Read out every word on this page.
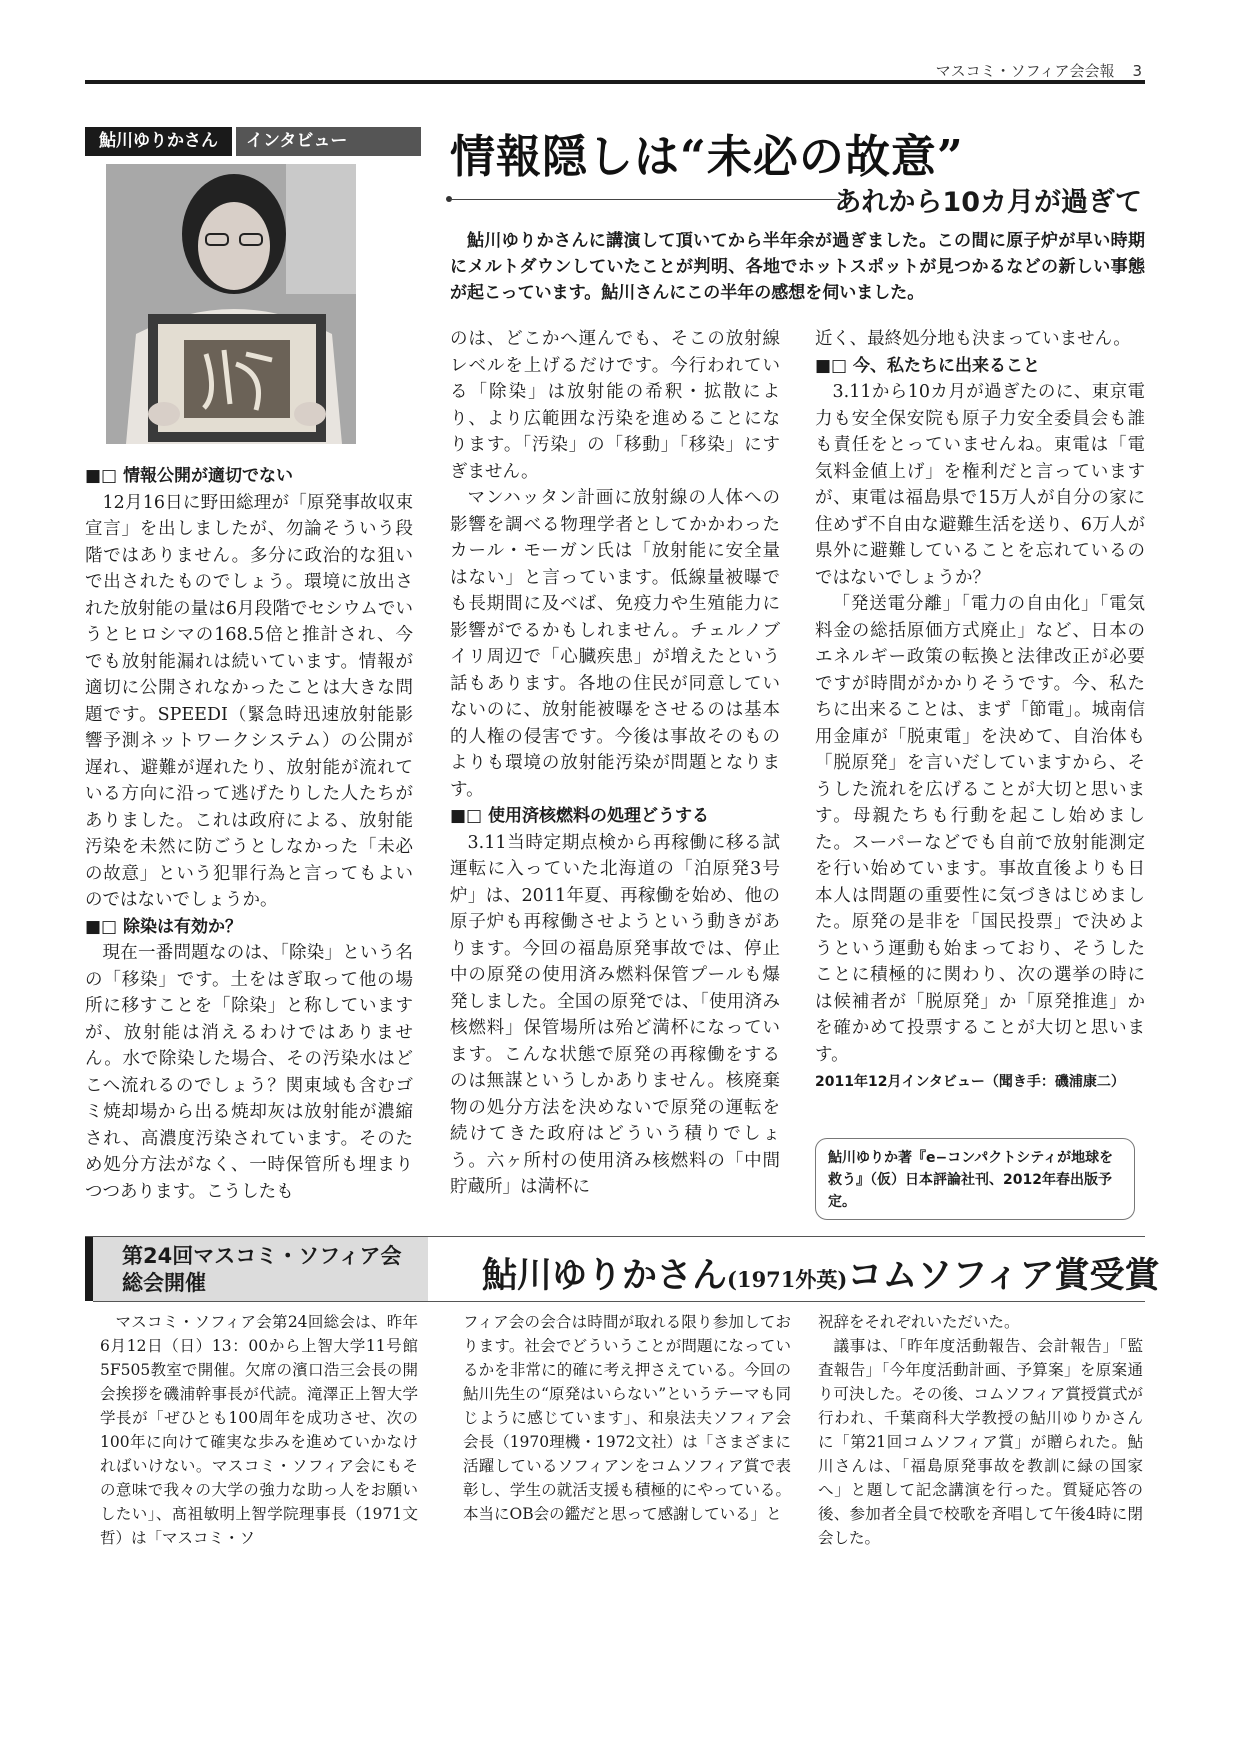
マスコミ・ソフィア会会報 3
鮎川ゆりかさん	インタビュー	情報隠しは“未必の故意”
あれから10カ月が過ぎて
鮎川ゆりかさんに講演して頂いてから半年余が過ぎました。この間に原子炉が早い時期にメルトダウンしていたことが判明、各地でホットスポットが見つかるなどの新しい事態が起こっています。鮎川さんにこの半年の感想を伺いました。
■□ 情報公開が適切でない

12月16日に野田総理が「原発事故収束宣言」を出しましたが、勿論そういう段階ではありません。多分に政治的な狙いで出されたものでしょう。環境に放出された放射能の量は6月段階でセシウムでいうとヒロシマの168.5倍と推計され、今でも放射能漏れは続いています。情報が適切に公開されなかったことは大きな問題です。SPEEDI（緊急時迅速放射能影響予測ネットワークシステム）の公開が遅れ、避難が遅れたり、放射能が流れている方向に沿って逃げたりした人たちがありました。これは政府による、放射能汚染を未然に防ごうとしなかった「未必の故意」という犯罪行為と言ってもよいのではないでしょうか。

■□ 除染は有効か？

現在一番問題なのは、「除染」という名の「移染」です。土をはぎ取って他の場所に移すことを「除染」と称していますが、放射能は消えるわけではありません。水で除染した場合、その汚染水はどこへ流れるのでしょう？関東域も含むゴミ焼却場から出る焼却灰は放射能が濃縮され、高濃度汚染されています。そのため処分方法がなく、一時保管所も埋まりつつあります。こうしたも

のは、どこかへ運んでも、そこの放射線レベルを上げるだけです。今行われている「除染」は放射能の希釈・拡散により、より広範囲な汚染を進めることになります。「汚染」の「移動」「移染」にすぎません。

マンハッタン計画に放射線の人体への影響を調べる物理学者としてかかわったカール・モーガン氏は「放射能に安全量はない」と言っています。低線量被曝でも長期間に及べば、免疫力や生殖能力に影響がでるかもしれません。チェルノブイリ周辺で「心臓疾患」が増えたという話もあります。各地の住民が同意していないのに、放射能被曝をさせるのは基本的人権の侵害です。今後は事故そのものよりも環境の放射能汚染が問題となります。

■□ 使用済核燃料の処理どうする

3.11当時定期点検から再稼働に移る試運転に入っていた北海道の「泊原発3号炉」は、2011年夏、再稼働を始め、他の原子炉も再稼働させようという動きがあります。今回の福島原発事故では、停止中の原発の使用済み燃料保管プールも爆発しました。全国の原発では、「使用済み核燃料」保管場所は殆ど満杯になっています。こんな状態で原発の再稼働をするのは無謀というしかありません。核廃棄物の処分方法を決めないで原発の運転を続けてきた政府はどういう積りでしょう。六ヶ所村の使用済み核燃料の「中間貯蔵所」は満杯に

近く、最終処分地も決まっていません。

■□ 今、私たちに出来ること

3.11から10カ月が過ぎたのに、東京電力も安全保安院も原子力安全委員会も誰も責任をとっていませんね。東電は「電気料金値上げ」を権利だと言っていますが、東電は福島県で15万人が自分の家に住めず不自由な避難生活を送り、6万人が県外に避難していることを忘れているのではないでしょうか？

「発送電分離」「電力の自由化」「電気料金の総括原価方式廃止」など、日本のエネルギー政策の転換と法律改正が必要ですが時間がかかりそうです。今、私たちに出来ることは、まず「節電」。城南信用金庫が「脱東電」を決めて、自治体も「脱原発」を言いだしていますから、そうした流れを広げることが大切と思います。母親たちも行動を起こし始めました。スーパーなどでも自前で放射能測定を行い始めています。事故直後よりも日本人は問題の重要性に気づきはじめました。原発の是非を「国民投票」で決めようという運動も始まっており、そうしたことに積極的に関わり、次の選挙の時には候補者が「脱原発」か「原発推進」かを確かめて投票することが大切と思います。

2011年12月インタビュー（聞き手：磯浦康二）
鮎川ゆりか著『e−コンパクトシティが地球を救う』（仮）日本評論社刊、2012年春出版予定。
第24回マスコミ・ソフィア会総会開催	鮎川ゆりかさん(1971外英)コムソフィア賞受賞

マスコミ・ソフィア会第24回総会は、昨年6月12日（日）13：00から上智大学11号館5F505教室で開催。欠席の濱口浩三会長の開会挨拶を磯浦幹事長が代読。滝澤正上智大学学長が「ぜひとも100周年を成功させ、次の100年に向けて確実な歩みを進めていかなければいけない。マスコミ・ソフィア会にもその意味で我々の大学の強力な助っ人をお願いしたい」、髙祖敏明上智学院理事長（1971文哲）は「マスコミ・ソ

フィア会の会合は時間が取れる限り参加しております。社会でどういうことが問題になっているかを非常に的確に考え押さえている。今回の鮎川先生の“原発はいらない”というテーマも同じように感じています」、和泉法夫ソフィア会会長（1970理機・1972文社）は「さまざまに活躍しているソフィアンをコムソフィア賞で表彰し、学生の就活支援も積極的にやっている。本当にOB会の鑑だと思って感謝している」と

祝辞をそれぞれいただいた。

議事は、「昨年度活動報告、会計報告」「監査報告」「今年度活動計画、予算案」を原案通り可決した。その後、コムソフィア賞授賞式が行われ、千葉商科大学教授の鮎川ゆりかさんに「第21回コムソフィア賞」が贈られた。鮎川さんは、「福島原発事故を教訓に緑の国家へ」と題して記念講演を行った。質疑応答の後、参加者全員で校歌を斉唱して午後4時に閉会した。
